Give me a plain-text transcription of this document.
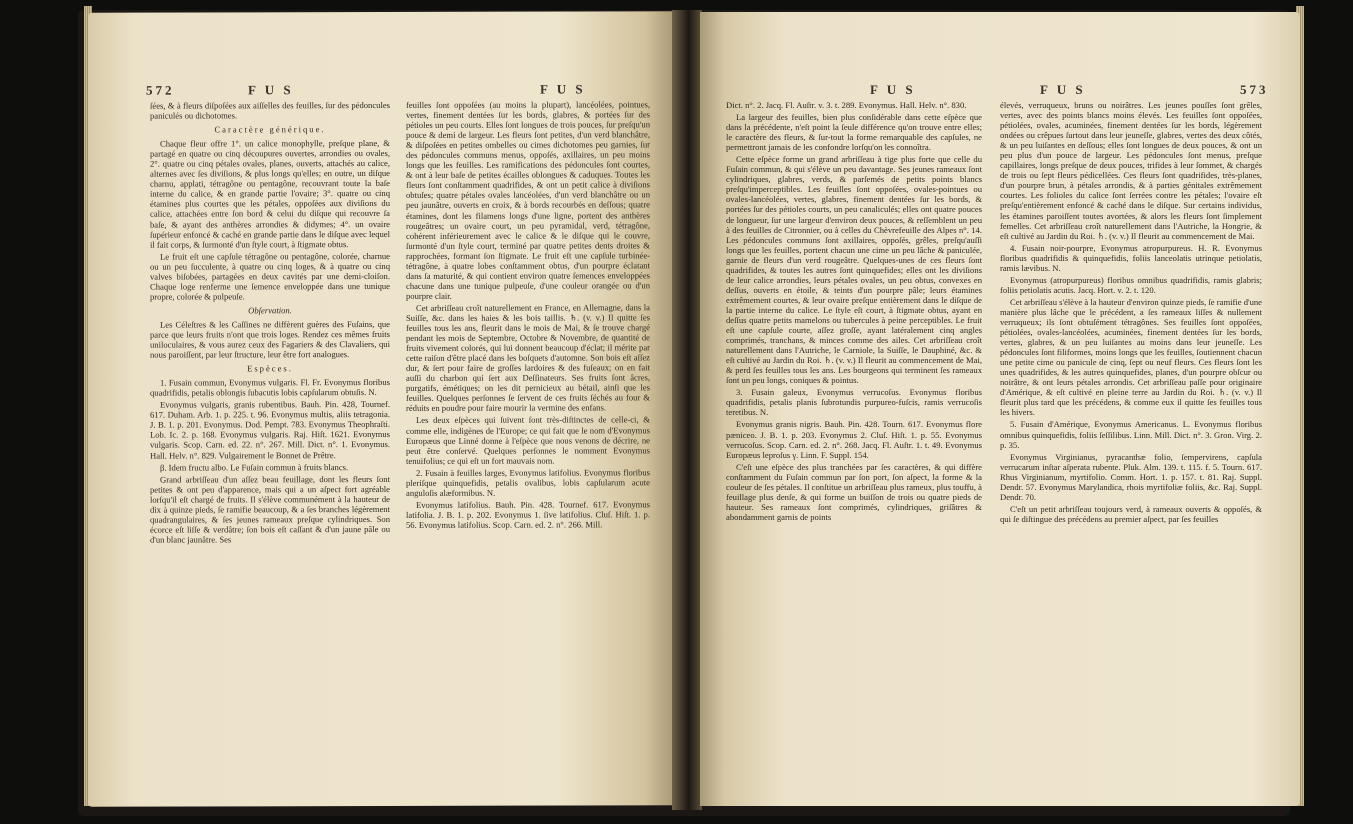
572	F U S	F U S

ſées, & à fleurs diſpoſées aux aiſſelles des feuilles, ſur des pédoncules paniculés ou dichotomes.

Caractère générique.

Chaque fleur offre 1°. un calice monophylle, preſque plane, & partagé en quatre ou cinq découpures ouvertes, arrondies ou ovales, 2°. quatre ou cinq pétales ovales, planes, ouverts, attachés au calice, alternes avec ſes diviſions, & plus longs qu'elles; en outre, un diſque charnu, applati, tétragône ou pentagône, recouvrant toute la baſe interne du calice, & en grande partie l'ovaire; 3°. quatre ou cinq étamines plus courtes que les pétales, oppoſées aux diviſions du calice, attachées entre ſon bord & celui du diſque qui recouvre ſa baſe, & ayant des anthères arrondies & didymes; 4°. un ovaire ſupérieur enfoncé & caché en grande partie dans le diſque avec lequel il fait corps, & ſurmonté d'un ſtyle court, à ſtigmate obtus.

Le fruit eſt une capſule tétragône ou pentagône, colorée, charnue ou un peu ſucculente, à quatre ou cinq loges, & à quatre ou cinq valves biſobées, partagées en deux cavités par une demi-cloiſon. Chaque loge renferme une ſemence enveloppée dans une tunique propre, colorée & pulpeuſe.

Obſervation.

Les Céleſtres & les Caſſines ne diffèrent guères des Fuſains, que parce que leurs fruits n'ont que trois loges. Rendez ces mêmes fruits uniloculaires, & vous aurez ceux des Fagariers & des Clavaliers, qui nous paroiſſent, par leur ſtructure, leur être fort analogues.

Espèces.

1. Fusain commun, Evonymus vulgaris. Fl. Fr. Evonymus floribus quadrifidis, petalis oblongis ſubacutis lobis capſularum obtuſis. N.

Evonymus vulgaris, granis rubentibus. Bauh. Pin. 428, Tournef. 617. Duham. Arb. 1. p. 225. t. 96. Evonymus multis, aliis tetragonia. J. B. 1. p. 201. Evonymus. Dod. Pempt. 783. Evonymus Theophraſti. Lob. Ic. 2. p. 168. Evonymus vulgaris. Raj. Hiſt. 1621. Evonymus vulgaris. Scop. Carn. ed. 22. n°. 267. Mill. Dict. n°. 1. Evonymus. Hall. Helv. n°. 829. Vulgairement le Bonnet de Prêtre.

β. Idem fructu albo. Le Fuſain commun à fruits blancs.

Grand arbriſſeau d'un aſſez beau feuillage, dont les fleurs ſont petites & ont peu d'apparence, mais qui a un aſpect fort agréable lorſqu'il eſt chargé de fruits. Il s'élève communément à la hauteur de dix à quinze pieds, ſe ramifie beaucoup, & a ſes branches légèrement quadrangulaires, & ſes jeunes rameaux preſque cylindriques. Son écorce eſt liſſe & verdâtre; ſon bois eſt caſſant & d'un jaune pâle ou d'un blanc jaunâtre. Ses

feuilles ſont oppoſées (au moins la plupart), lancéolées, pointues, vertes, finement dentées ſur les bords, glabres, & portées ſur des pétioles un peu courts. Elles ſont longues de trois pouces, ſur preſqu'un pouce & demi de largeur. Les fleurs ſont petites, d'un verd blanchâtre, & diſpoſées en petites ombelles ou cimes dichotomes peu garnies, ſur des pédoncules communs menus, oppoſés, axillaires, un peu moins longs que les feuilles. Les ramifications des pédoncules ſont courtes, & ont à leur baſe de petites écailles oblongues & caduques. Toutes les fleurs ſont conſtamment quadrifides, & ont un petit calice à diviſions obtuſes; quatre pétales ovales lancéolées, d'un verd blanchâtre ou un peu jaunâtre, ouverts en croix, & à bords recourbés en deſſous; quatre étamines, dont les filamens longs d'une ligne, portent des anthères rougeâtres; un ovaire court, un peu pyramidal, verd, tétragône, cohérent inférieurement avec le calice & le diſque qui le couvre, ſurmonté d'un ſtyle court, terminé par quatre petites dents droites & rapprochées, formant ſon ſtigmate. Le fruit eſt une capſule turbinée-tétragône, à quatre lobes conſtamment obtus, d'un pourpre éclatant dans ſa maturité, & qui contient environ quatre ſemences enveloppées chacune dans une tunique pulpeuſe, d'une couleur orangée ou d'un pourpre clair.

Cet arbriſſeau croît naturellement en France, en Allemagne, dans la Suiſſe, &c. dans les haies & les bois taillis. ♄. (v. v.) Il quitte ſes feuilles tous les ans, fleurit dans le mois de Mai, & ſe trouve chargé pendant les mois de Septembre, Octobre & Novembre, de quantité de fruits vivement colorés, qui lui donnent beaucoup d'éclat; il mérite par cette raiſon d'être placé dans les boſquets d'automne. Son bois eſt aſſez dur, & ſert pour faire de groſſes lardoires & des fuſeaux; on en fait auſſi du charbon qui ſert aux Deſſinateurs. Ses fruits ſont âcres, purgatifs, émétiques; on les dit pernicieux au bétail, ainſi que les feuilles. Quelques perſonnes ſe ſervent de ces fruits ſéchés au four & réduits en poudre pour faire mourir la vermine des enfans.

Les deux eſpèces qui ſuivent ſont très-diſtinctes de celle-ci, & comme elle, indigènes de l'Europe; ce qui fait que le nom d'Evonymus Europæus que Linné donne à l'eſpèce que nous venons de décrire, ne peut être conſervé. Quelques perſonnes le nomment Evonymus tenuifolius; ce qui eſt un fort mauvais nom.

2. Fusain à feuilles larges, Evonymus latifolius. Evonymus floribus pleriſque quinquefidis, petalis ovalibus, lobis capſularum acute anguloſis alæformibus. N.

Evonymus latifolius. Bauh. Pin. 428. Tournef. 617. Evonymus latifolia. J. B. 1. p. 202. Evonymus 1. ſive latifolius. Cluſ. Hiſt. 1. p. 56. Evonymus latifolius. Scop. Carn. ed. 2. n°. 266. Mill.

F U S	F U S	573

Dict. n°. 2. Jacq. Fl. Auſtr. v. 3. t. 289. Evonymus. Hall. Helv. n°. 830.

La largeur des feuilles, bien plus conſidérable dans cette eſpèce que dans la précédente, n'eſt point la ſeule différence qu'on trouve entre elles; le caractère des fleurs, & ſur-tout la forme remarquable des capſules, ne permettront jamais de les confondre lorſqu'on les connoîtra.

Cette eſpèce forme un grand arbriſſeau à tige plus forte que celle du Fuſain commun, & qui s'élève un peu davantage. Ses jeunes rameaux ſont cylindriques, glabres, verds, & parſemés de petits points blancs preſqu'imperceptibles. Les feuilles ſont oppoſées, ovales-pointues ou ovales-lancéolées, vertes, glabres, finement dentées ſur les bords, & portées ſur des pétioles courts, un peu canaliculés; elles ont quatre pouces de longueur, ſur une largeur d'environ deux pouces, & reſſemblent un peu à des feuilles de Citronnier, ou à celles du Chèvrefeuille des Alpes n°. 14. Les pédoncules communs ſont axillaires, oppoſés, grêles, preſqu'auſſi longs que les feuilles, portent chacun une cime un peu lâche & paniculée, garnie de fleurs d'un verd rougeâtre. Quelques-unes de ces fleurs ſont quadrifides, & toutes les autres ſont quinquefides; elles ont les diviſions de leur calice arrondies, leurs pétales ovales, un peu obtus, convexes en deſſus, ouverts en étoile, & teints d'un pourpre pâle; leurs étamines extrêmement courtes, & leur ovaire preſque entièrement dans le diſque de la partie interne du calice. Le ſtyle eſt court, à ſtigmate obtus, ayant en deſſus quatre petits mamelons ou tubercules à peine perceptibles. Le fruit eſt une capſule courte, aſſez groſſe, ayant latéralement cinq angles comprimés, tranchans, & minces comme des ailes. Cet arbriſſeau croît naturellement dans l'Autriche, le Carniole, la Suiſſe, le Dauphiné, &c. & eſt cultivé au Jardin du Roi. ♄. (v. v.) Il fleurit au commencement de Mai, & perd ſes feuilles tous les ans. Les bourgeons qui terminent ſes rameaux ſont un peu longs, coniques & pointus.

3. Fusain galeux, Evonymus verrucoſus. Evonymus floribus quadrifidis, petalis planis ſubrotundis purpureo-fuſcis, ramis verrucoſis teretibus. N.

Evonymus granis nigris. Bauh. Pin. 428. Tourn. 617. Evonymus flore pæniceo. J. B. 1. p. 203. Evonymus 2. Cluſ. Hiſt. 1. p. 55. Evonymus verrucoſus. Scop. Carn. ed. 2. n°. 268. Jacq. Fl. Auſtr. 1. t. 49. Evonymus Europæus leproſus γ. Linn. F. Suppl. 154.

C'eſt une eſpèce des plus tranchées par ſes caractères, & qui diffère conſtamment du Fuſain commun par ſon port, ſon aſpect, la forme & la couleur de ſes pétales. Il conſtitue un arbriſſeau plus rameux, plus touffu, à feuillage plus denſe, & qui forme un buiſſon de trois ou quatre pieds de hauteur. Ses rameaux ſont comprimés, cylindriques, griſâtres & abondamment garnis de points

élevés, verruqueux, bruns ou noirâtres. Les jeunes pouſſes ſont grêles, vertes, avec des points blancs moins élevés. Les feuilles ſont oppoſées, pétiolées, ovales, acuminées, finement dentées ſur les bords, légèrement ondées ou crêpues ſurtout dans leur jeuneſſe, glabres, vertes des deux côtés, & un peu luiſantes en deſſous; elles ſont longues de deux pouces, & ont un peu plus d'un pouce de largeur. Les pédoncules ſont menus, preſque capillaires, longs preſque de deux pouces, trifides à leur ſommet, & chargés de trois ou ſept fleurs pédicellées. Ces fleurs ſont quadrifides, très-planes, d'un pourpre brun, à pétales arrondis, & à parties génitales extrêmement courtes. Les folioles du calice ſont ſerrées contre les pétales; l'ovaire eſt preſqu'entièrement enfoncé & caché dans le diſque. Sur certains individus, les étamines paroiſſent toutes avortées, & alors les fleurs ſont ſimplement femelles. Cet arbriſſeau croît naturellement dans l'Autriche, la Hongrie, & eſt cultivé au Jardin du Roi. ♄. (v. v.) Il fleurit au commencement de Mai.

4. Fusain noir-pourpre, Evonymus atropurpureus. H. R. Evonymus floribus quadrifidis & quinquefidis, foliis lanceolatis utrinque petiolatis, ramis lævibus. N.

Evonymus (atropurpureus) floribus omnibus quadrifidis, ramis glabris; foliis petiolatis acutis. Jacq. Hort. v. 2. t. 120.

Cet arbriſſeau s'élève à la hauteur d'environ quinze pieds, ſe ramifie d'une manière plus lâche que le précédent, a ſes rameaux liſſes & nullement verruqueux; ils ſont obtuſément tétragônes. Ses feuilles ſont oppoſées, pétiolées, ovales-lancéolées, acuminées, finement dentées ſur les bords, vertes, glabres, & un peu luiſantes au moins dans leur jeuneſſe. Les pédoncules ſont filiformes, moins longs que les feuilles, ſoutiennent chacun une petite cime ou panicule de cinq, ſept ou neuf fleurs. Ces fleurs ſont les unes quadrifides, & les autres quinquefides, planes, d'un pourpre obſcur ou noirâtre, & ont leurs pétales arrondis. Cet arbriſſeau paſſe pour originaire d'Amérique, & eſt cultivé en pleine terre au Jardin du Roi. ♄. (v. v.) Il fleurit plus tard que les précédens, & comme eux il quitte ſes feuilles tous les hivers.

5. Fusain d'Amérique, Evonymus Americanus. L. Evonymus floribus omnibus quinquefidis, foliis ſeſſilibus. Linn. Mill. Dict. n°. 3. Gron. Virg. 2. p. 35.

Evonymus Virginianus, pyracanthæ folio, ſempervirens, capſula verrucarum inſtar aſperata rubente. Pluk. Alm. 139. t. 115. f. 5. Tourn. 617. Rhus Virginianum, myrtifolio. Comm. Hort. 1. p. 157. t. 81. Raj. Suppl. Dendr. 57. Evonymus Marylandica, rhois myrtifoliæ foliis, &c. Raj. Suppl. Dendr. 70.

C'eſt un petit arbriſſeau toujours verd, à rameaux ouverts & oppoſés, & qui ſe diſtingue des précédens au premier aſpect, par ſes feuilles
